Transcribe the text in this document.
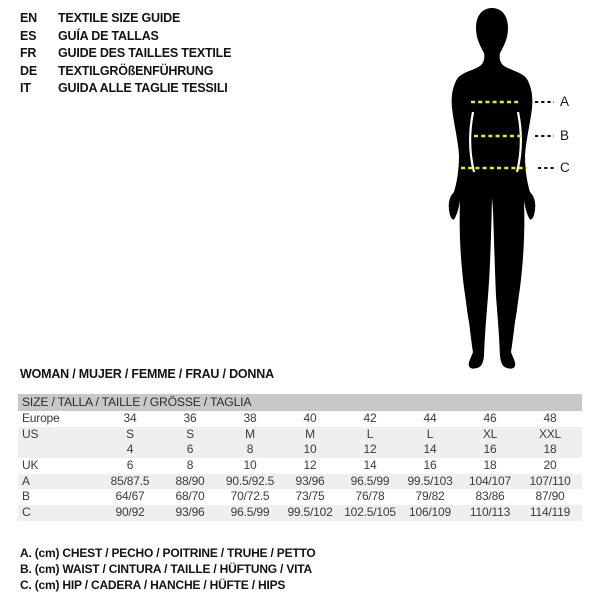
EN	TEXTILE SIZE GUIDE
ES	GUÍA DE TALLAS
FR	GUIDE DES TAILLES TEXTILE
DE	TEXTILGRÖßENFÜHRUNG
IT	GUIDA ALLE TAGLIE TESSILI
A
B
C
WOMAN / MUJER / FEMME / FRAU / DONNA
SIZE / TALLA / TAILLE / GRÖSSE / TAGLIA
Europe	34	36	38	40	42	44	46	48
US	S	S	M	M	L	L	XL	XXL
4	6	8	10	12	14	16	18
UK	6	8	10	12	14	16	18	20
A	85/87.5	88/90	90.5/92.5	93/96	96.5/99	99.5/103	104/107	107/110
B	64/67	68/70	70/72.5	73/75	76/78	79/82	83/86	87/90
C	90/92	93/96	96.5/99	99.5/102 102.5/105	106/109	110/113	114/119
A. (cm) CHEST / PECHO / POITRINE / TRUHE / PETTO
B. (cm) WAIST / CINTURA / TAILLE / HÜFTUNG / VITA
C. (cm) HIP / CADERA / HANCHE / HÜFTE / HIPS
